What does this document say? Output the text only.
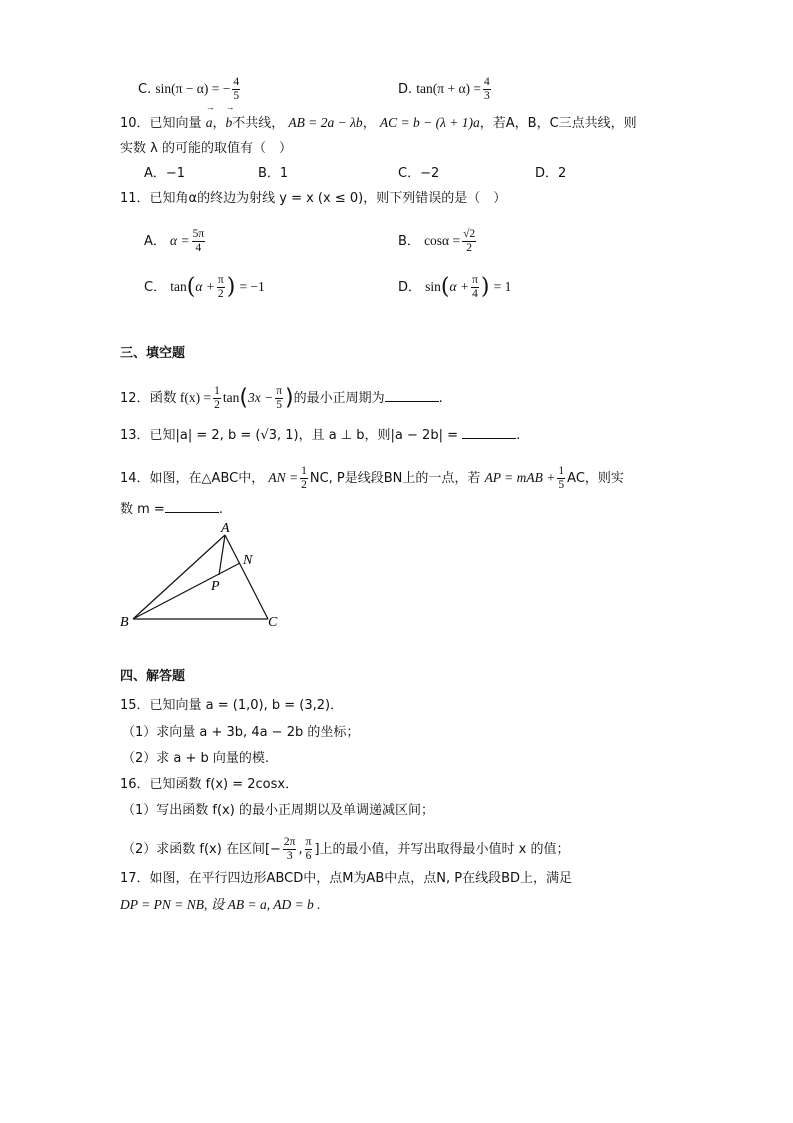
C. sin(π − α) = − $\frac{4}{5}$	D. $\tan(\pi + \alpha) = \frac{4}{3}$
10．已知向量 → a，→ b不共线， AB = 2a − λb， AC = b − (λ + 1)a，若A，B，C三点共线，则
实数 λ 的可能的取值有（　）
A．−1	B．1	C．−2	D．2
11．已知角α的终边为射线 y = x (x ≤ 0)，则下列错误的是（　）
A． $\alpha = \frac{5\pi}{4}$	B． $\cos\alpha = \frac{√2}{2}$
C． $\tan(\alpha + \frac{\pi}{2}$ ) = −1	D． $\sin(\alpha + \frac{\pi}{4}$ ) = 1
三、填空题
12．函数 $f(x) = \frac{1}{2} \tan(3x - \frac{\pi}{5}$ )的最小正周期为	.
13．已知|a| = 2, b = (√3, 1)，且 a ⊥ b，则|a − 2b| =	.
14．如图，在△ABC中， AN = $\frac{1}{2}$ NC, P是线段BN上的一点，若 AP = mAB + $\frac{1}{5}$ AC，则实
数 m =	.
A
B	C
N
P
四、解答题
15．已知向量 a = (1,0), b = (3,2)．
（1）求向量 a + 3b, 4a − 2b 的坐标；
（2）求 a + b 向量的模.
16．已知函数 f(x) = 2cosx．
（1）写出函数 f(x) 的最小正周期以及单调递减区间；
（2）求函数 f(x) 在区间[− $\frac{2\pi}{3}$ , $\frac{\pi}{6}$ ]上的最小值，并写出取得最小值时 x 的值；
17．如图，在平行四边形ABCD中，点M为AB中点，点N, P在线段BD上，满足
DP = PN = NB, 设 AB = a, AD = b .
